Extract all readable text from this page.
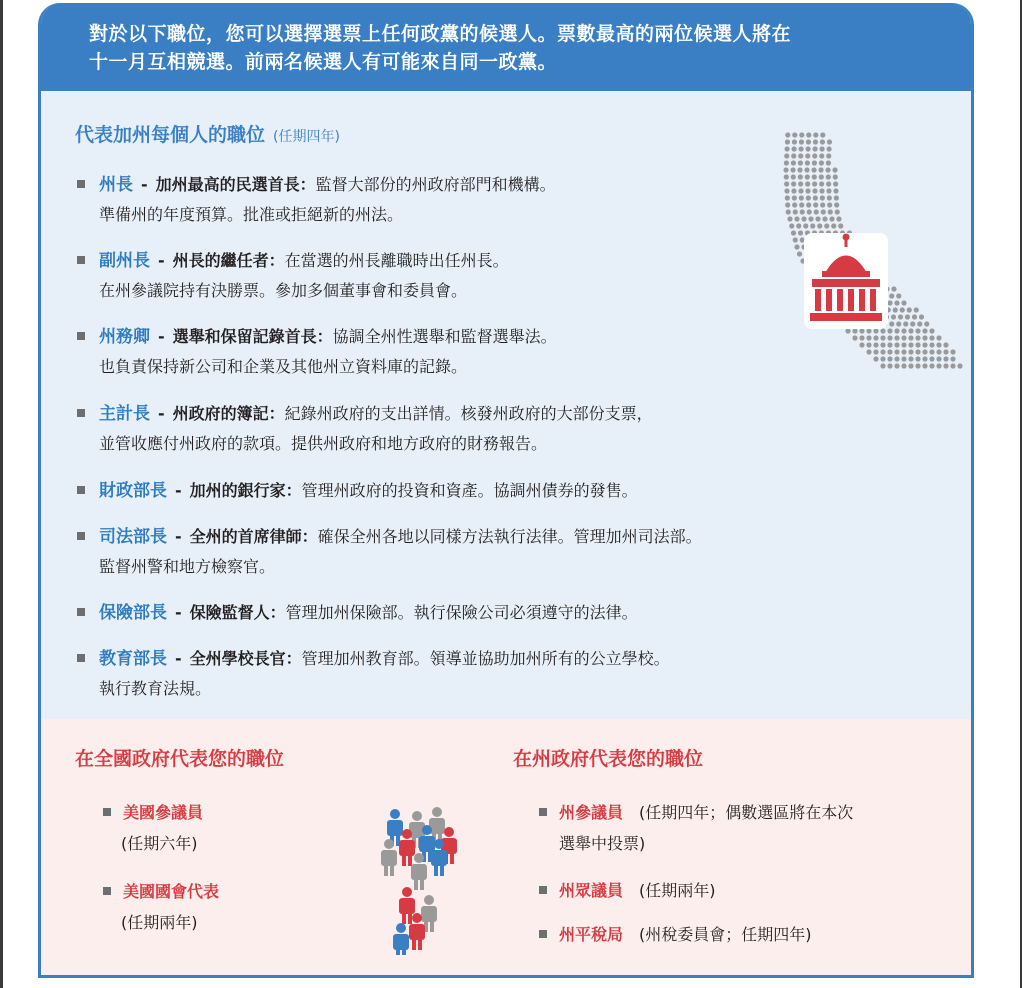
對於以下職位，您可以選擇選票上任何政黨的候選人。票數最高的兩位候選人將在
十一月互相競選。前兩名候選人有可能來自同一政黨。
代表加州每個人的職位 (任期四年)
州長 - 加州最高的民選首長：監督大部份的州政府部門和機構。
準備州的年度預算。批准或拒絕新的州法。
副州長 - 州長的繼任者：在當選的州長離職時出任州長。
在州參議院持有決勝票。參加多個董事會和委員會。
州務卿 - 選舉和保留記錄首長：協調全州性選舉和監督選舉法。
也負責保持新公司和企業及其他州立資料庫的記錄。
主計長 - 州政府的簿記：紀錄州政府的支出詳情。核發州政府的大部份支票，
並管收應付州政府的款項。提供州政府和地方政府的財務報告。
財政部長 - 加州的銀行家：管理州政府的投資和資產。協調州債券的發售。
司法部長 - 全州的首席律師：確保全州各地以同樣方法執行法律。管理加州司法部。
監督州警和地方檢察官。
保險部長 - 保險監督人：管理加州保險部。執行保險公司必須遵守的法律。
教育部長 - 全州學校長官：管理加州教育部。領導並協助加州所有的公立學校。
執行教育法規。
在全國政府代表您的職位
美國參議員
(任期六年)
美國國會代表
(任期兩年)
在州政府代表您的職位
州參議員 (任期四年；偶數選區將在本次
選舉中投票)
州眾議員 (任期兩年)
州平稅局 (州稅委員會；任期四年)
